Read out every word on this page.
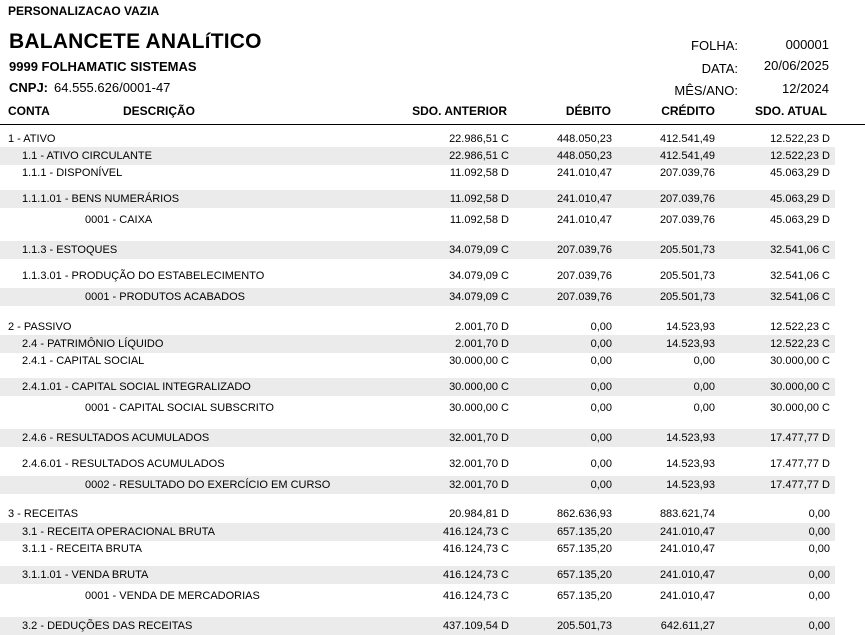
PERSONALIZACAO VAZIA
BALANCETE ANALíTICO
9999 FOLHAMATIC SISTEMAS
CNPJ: 64.555.626/0001-47
FOLHA:	000001
DATA:	20/06/2025
MÊS/ANO:	12/2024
CONTA	DESCRIÇÃO	SDO. ANTERIOR	DÉBITO	CRÉDITO	SDO. ATUAL
1 - ATIVO	22.986,51 C	448.050,23	412.541,49	12.522,23 D
1.1 - ATIVO CIRCULANTE	22.986,51 C	448.050,23	412.541,49	12.522,23 D
1.1.1 - DISPONÍVEL	11.092,58 D	241.010,47	207.039,76	45.063,29 D
1.1.1.01 - BENS NUMERÁRIOS	11.092,58 D	241.010,47	207.039,76	45.063,29 D
0001 - CAIXA	11.092,58 D	241.010,47	207.039,76	45.063,29 D
1.1.3 - ESTOQUES	34.079,09 C	207.039,76	205.501,73	32.541,06 C
1.1.3.01 - PRODUÇÃO DO ESTABELECIMENTO	34.079,09 C	207.039,76	205.501,73	32.541,06 C
0001 - PRODUTOS ACABADOS	34.079,09 C	207.039,76	205.501,73	32.541,06 C
2 - PASSIVO	2.001,70 D	0,00	14.523,93	12.522,23 C
2.4 - PATRIMÔNIO LÍQUIDO	2.001,70 D	0,00	14.523,93	12.522,23 C
2.4.1 - CAPITAL SOCIAL	30.000,00 C	0,00	0,00	30.000,00 C
2.4.1.01 - CAPITAL SOCIAL INTEGRALIZADO	30.000,00 C	0,00	0,00	30.000,00 C
0001 - CAPITAL SOCIAL SUBSCRITO	30.000,00 C	0,00	0,00	30.000,00 C
2.4.6 - RESULTADOS ACUMULADOS	32.001,70 D	0,00	14.523,93	17.477,77 D
2.4.6.01 - RESULTADOS ACUMULADOS	32.001,70 D	0,00	14.523,93	17.477,77 D
0002 - RESULTADO DO EXERCÍCIO EM CURSO	32.001,70 D	0,00	14.523,93	17.477,77 D
3 - RECEITAS	20.984,81 D	862.636,93	883.621,74	0,00
3.1 - RECEITA OPERACIONAL BRUTA	416.124,73 C	657.135,20	241.010,47	0,00
3.1.1 - RECEITA BRUTA	416.124,73 C	657.135,20	241.010,47	0,00
3.1.1.01 - VENDA BRUTA	416.124,73 C	657.135,20	241.010,47	0,00
0001 - VENDA DE MERCADORIAS	416.124,73 C	657.135,20	241.010,47	0,00
3.2 - DEDUÇÕES DAS RECEITAS	437.109,54 D	205.501,73	642.611,27	0,00
